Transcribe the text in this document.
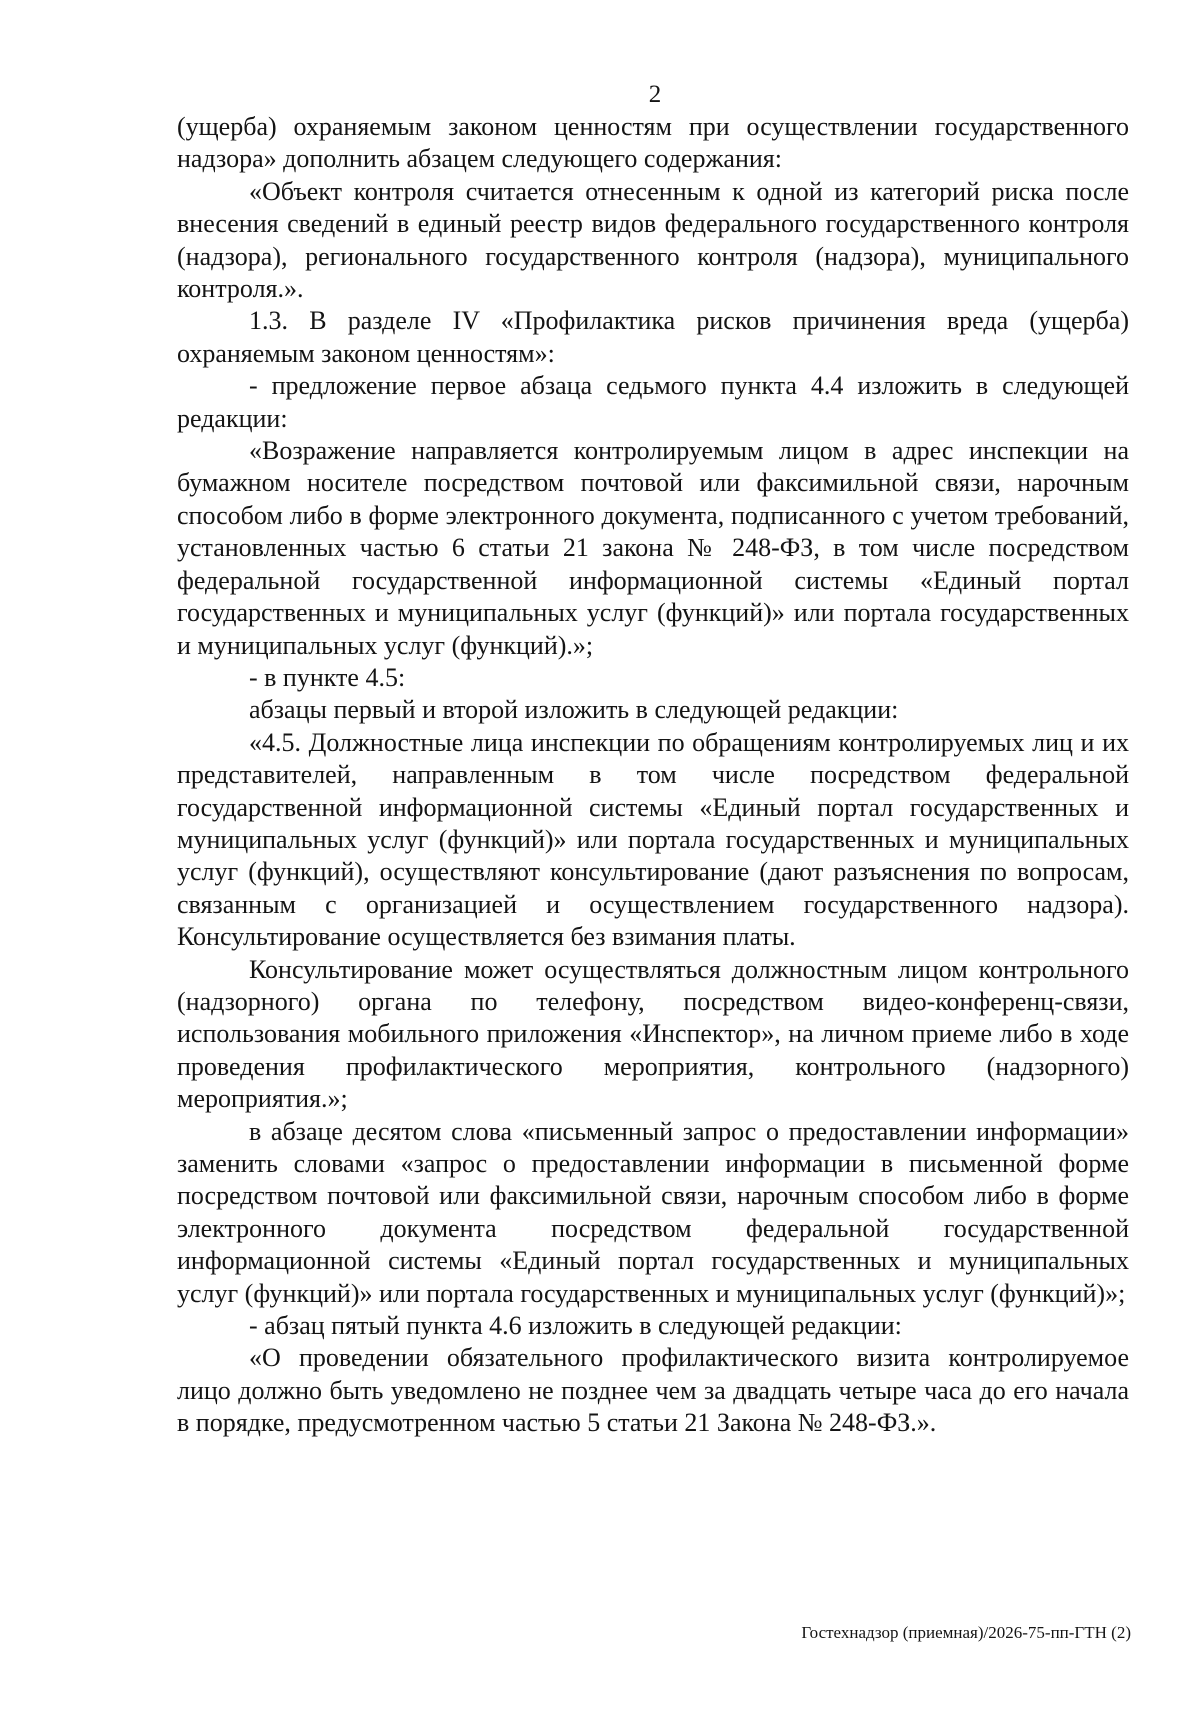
2

(ущерба) охраняемым законом ценностям при осуществлении государственного надзора» дополнить абзацем следующего содержания:

«Объект контроля считается отнесенным к одной из категорий риска после внесения сведений в единый реестр видов федерального государственного контроля (надзора), регионального государственного контроля (надзора), муниципального контроля.».

1.3. В разделе IV «Профилактика рисков причинения вреда (ущерба) охраняемым законом ценностям»:

- предложение первое абзаца седьмого пункта 4.4 изложить в следующей редакции:

«Возражение направляется контролируемым лицом в адрес инспекции на бумажном носителе посредством почтовой или факсимильной связи, нарочным способом либо в форме электронного документа, подписанного с учетом требований, установленных частью 6 статьи 21 закона № 248-ФЗ, в том числе посредством федеральной государственной информационной системы «Единый портал государственных и муниципальных услуг (функций)» или портала государственных и муниципальных услуг (функций).»;

- в пункте 4.5:

абзацы первый и второй изложить в следующей редакции:

«4.5. Должностные лица инспекции по обращениям контролируемых лиц и их представителей, направленным в том числе посредством федеральной государственной информационной системы «Единый портал государственных и муниципальных услуг (функций)» или портала государственных и муниципальных услуг (функций), осуществляют консультирование (дают разъяснения по вопросам, связанным с организацией и осуществлением государственного надзора). Консультирование осуществляется без взимания платы.

Консультирование может осуществляться должностным лицом контрольного (надзорного) органа по телефону, посредством видео-конференц-связи, использования мобильного приложения «Инспектор», на личном приеме либо в ходе проведения профилактического мероприятия, контрольного (надзорного) мероприятия.»;

в абзаце десятом слова «письменный запрос о предоставлении информации» заменить словами «запрос о предоставлении информации в письменной форме посредством почтовой или факсимильной связи, нарочным способом либо в форме электронного документа посредством федеральной государственной информационной системы «Единый портал государственных и муниципальных услуг (функций)» или портала государственных и муниципальных услуг (функций)»;

- абзац пятый пункта 4.6 изложить в следующей редакции:

«О проведении обязательного профилактического визита контролируемое лицо должно быть уведомлено не позднее чем за двадцать четыре часа до его начала в порядке, предусмотренном частью 5 статьи 21 Закона № 248-ФЗ.».

Гостехнадзор (приемная)/2026-75-пп-ГТН (2)
